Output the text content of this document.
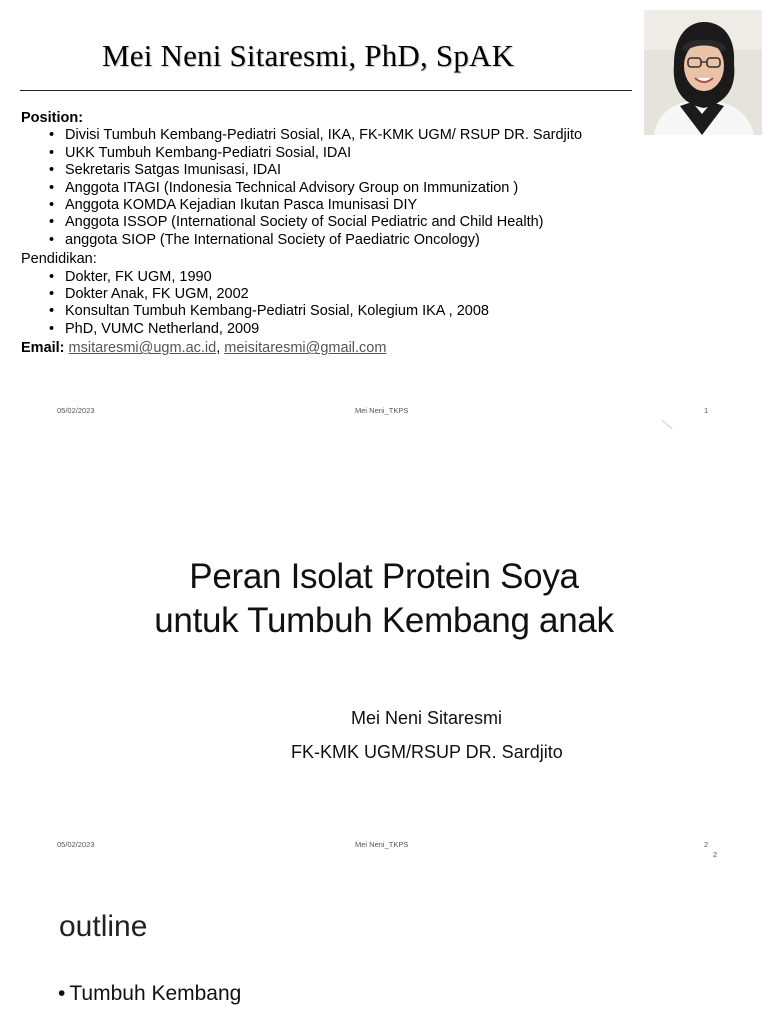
Mei Neni Sitaresmi, PhD, SpAK
Position:
• Divisi Tumbuh Kembang-Pediatri Sosial, IKA, FK-KMK UGM/ RSUP DR. Sardjito
• UKK Tumbuh Kembang-Pediatri Sosial, IDAI
• Sekretaris Satgas Imunisasi, IDAI
• Anggota ITAGI (Indonesia Technical Advisory Group on Immunization )
• Anggota KOMDA Kejadian Ikutan Pasca Imunisasi DIY
• Anggota ISSOP (International Society of Social Pediatric and Child Health)
• anggota SIOP (The International Society of Paediatric Oncology)
Pendidikan:
• Dokter, FK UGM, 1990
• Dokter Anak, FK UGM, 2002
• Konsultan Tumbuh Kembang-Pediatri Sosial, Kolegium IKA , 2008
• PhD, VUMC Netherland, 2009
Email: msitaresmi@ugm.ac.id, meisitaresmi@gmail.com
05/02/2023	Mei Neni_TKPS	1
Peran Isolat Protein Soya
untuk Tumbuh Kembang anak
Mei Neni Sitaresmi
FK-KMK UGM/RSUP DR. Sardjito
05/02/2023	Mei Neni_TKPS	2
2
outline
• Tumbuh Kembang
